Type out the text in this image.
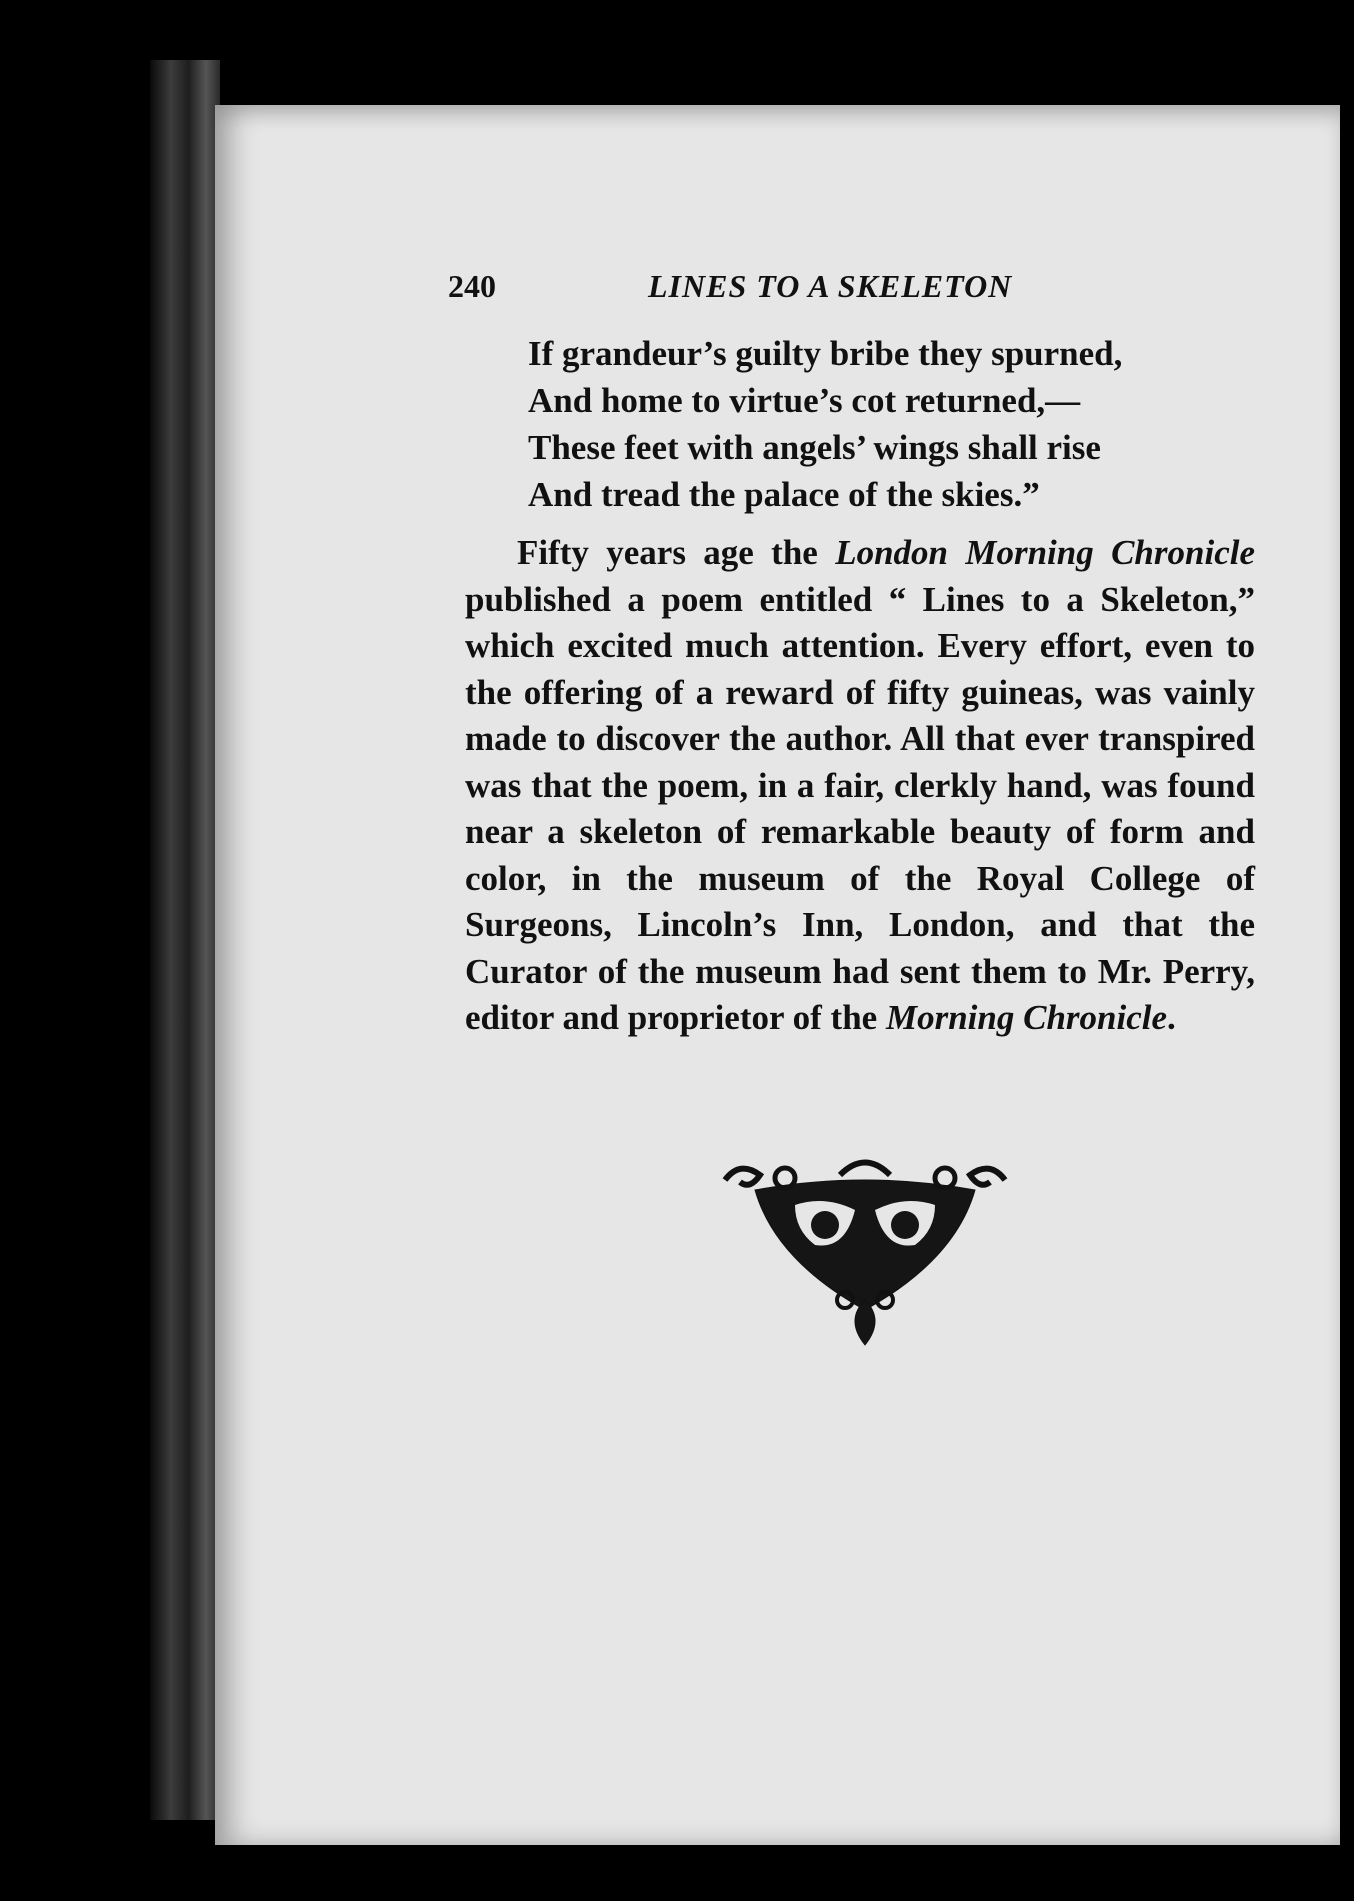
240	LINES TO A SKELETON
If grandeur’s guilty bribe they spurned,
And home to virtue’s cot returned,—
These feet with angels’ wings shall rise
And tread the palace of the skies.”

Fifty years age the London Morning Chronicle published a poem entitled “ Lines to a Skeleton,” which excited much attention. Every effort, even to the offering of a reward of fifty guineas, was vainly made to discover the author. All that ever transpired was that the poem, in a fair, clerkly hand, was found near a skeleton of remarkable beauty of form and color, in the museum of the Royal College of Surgeons, Lincoln’s Inn, London, and that the Curator of the museum had sent them to Mr. Perry, editor and proprietor of the Morning Chronicle.
